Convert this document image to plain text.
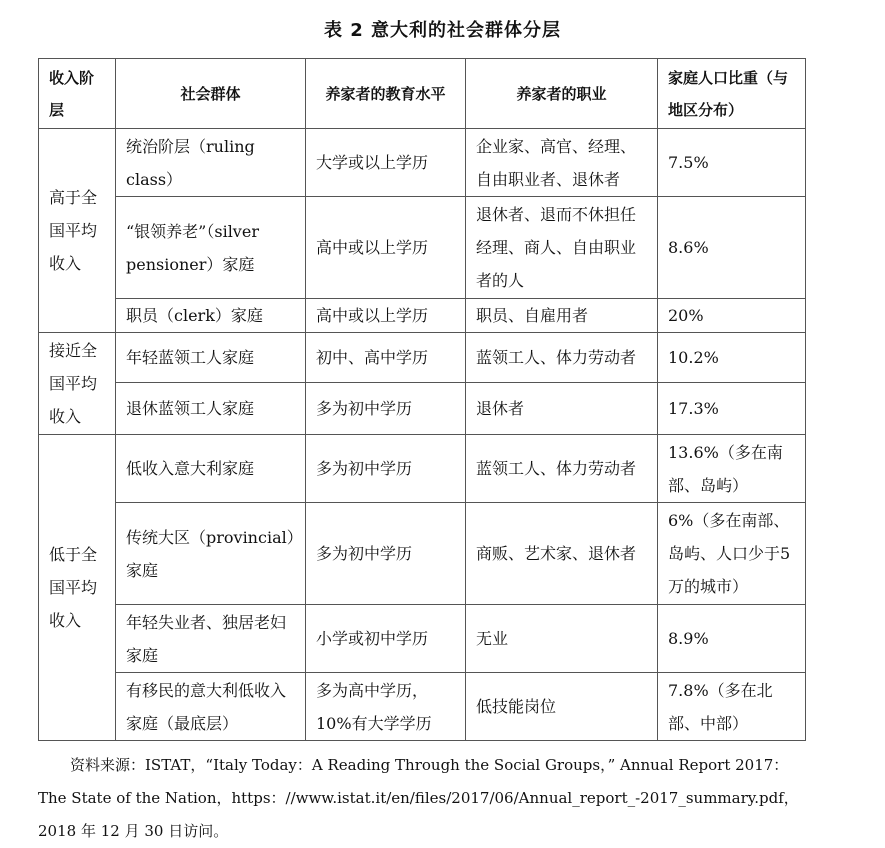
表 2 意大利的社会群体分层
收入阶层	社会群体	养家者的教育水平	养家者的职业	家庭人口比重（与地区分布）
高于全国平均收入	统治阶层（ruling class）	大学或以上学历	企业家、高官、经理、自由职业者、退休者	7.5%
	“银领养老”（silver pensioner）家庭	高中或以上学历	退休者、退而不休担任经理、商人、自由职业者的人	8.6%
	职员（clerk）家庭	高中或以上学历	职员、自雇用者	20%
接近全国平均收入	年轻蓝领工人家庭	初中、高中学历	蓝领工人、体力劳动者	10.2%
	退休蓝领工人家庭	多为初中学历	退休者	17.3%
低于全国平均收入	低收入意大利家庭	多为初中学历	蓝领工人、体力劳动者	13.6%（多在南部、岛屿）
	传统大区（provincial）家庭	多为初中学历	商贩、艺术家、退休者	6%（多在南部、岛屿、人口少于5万的城市）
	年轻失业者、独居老妇家庭	小学或初中学历	无业	8.9%
	有移民的意大利低收入家庭（最底层）	多为高中学历，10%有大学学历	低技能岗位	7.8%（多在北部、中部）
资料来源：ISTAT，“Italy Today：A Reading Through the Social Groups，” Annual Report 2017：The State of the Nation，https：//www.istat.it/en/files/2017/06/Annual_report_-2017_summary.pdf，2018 年 12 月 30 日访问。
